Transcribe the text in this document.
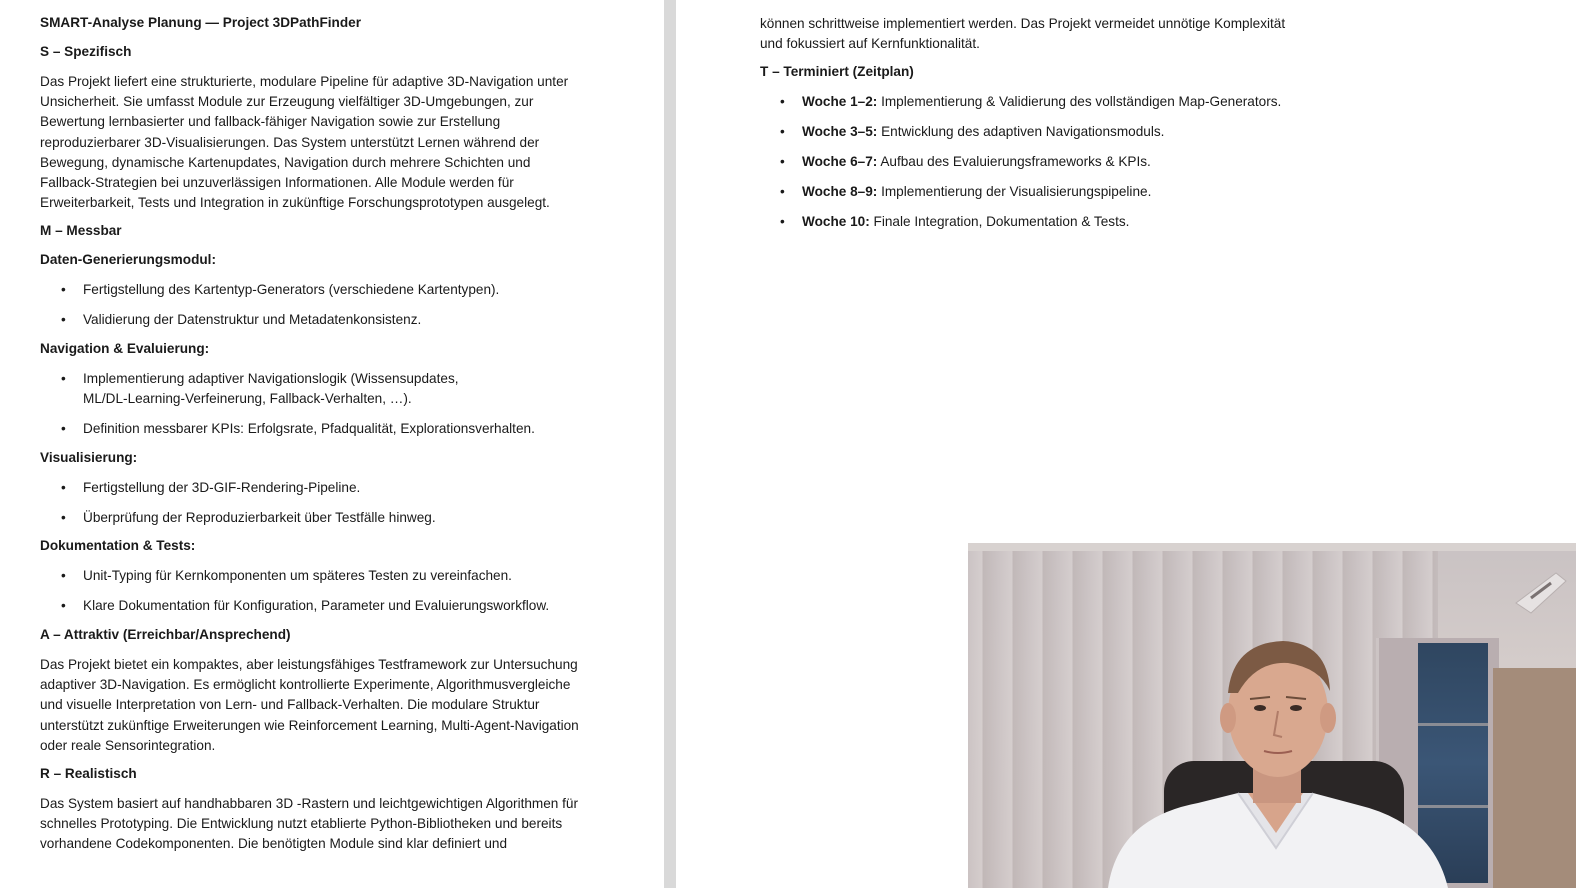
SMART-Analyse Planung — Project 3DPathFinder
S – Spezifisch

Das Projekt liefert eine strukturierte, modulare Pipeline für adaptive 3D-Navigation unter Unsicherheit. Sie umfasst Module zur Erzeugung vielfältiger 3D-Umgebungen, zur Bewertung lernbasierter und fallback-fähiger Navigation sowie zur Erstellung reproduzierbarer 3D-Visualisierungen. Das System unterstützt Lernen während der Bewegung, dynamische Kartenupdates, Navigation durch mehrere Schichten und Fallback-Strategien bei unzuverlässigen Informationen. Alle Module werden für Erweiterbarkeit, Tests und Integration in zukünftige Forschungsprototypen ausgelegt.

M – Messbar
Daten-Generierungsmodul:
• Fertigstellung des Kartentyp-Generators (verschiedene Kartentypen).
• Validierung der Datenstruktur und Metadatenkonsistenz.
Navigation & Evaluierung:
• Implementierung adaptiver Navigationslogik (Wissensupdates, ML/DL-Learning-Verfeinerung, Fallback-Verhalten, …).
• Definition messbarer KPIs: Erfolgsrate, Pfadqualität, Explorationsverhalten.
Visualisierung:
• Fertigstellung der 3D-GIF-Rendering-Pipeline.
• Überprüfung der Reproduzierbarkeit über Testfälle hinweg.
Dokumentation & Tests:
• Unit-Typing für Kernkomponenten um späteres Testen zu vereinfachen.
• Klare Dokumentation für Konfiguration, Parameter und Evaluierungsworkflow.
A – Attraktiv (Erreichbar/Ansprechend)

Das Projekt bietet ein kompaktes, aber leistungsfähiges Testframework zur Untersuchung adaptiver 3D-Navigation. Es ermöglicht kontrollierte Experimente, Algorithmusvergleiche und visuelle Interpretation von Lern- und Fallback-Verhalten. Die modulare Struktur unterstützt zukünftige Erweiterungen wie Reinforcement Learning, Multi-Agent-Navigation oder reale Sensorintegration.

R – Realistisch

Das System basiert auf handhabbaren 3D -Rastern und leichtgewichtigen Algorithmen für schnelles Prototyping. Die Entwicklung nutzt etablierte Python-Bibliotheken und bereits vorhandene Codekomponenten. Die benötigten Module sind klar definiert und

können schrittweise implementiert werden. Das Projekt vermeidet unnötige Komplexität und fokussiert auf Kernfunktionalität.

T – Terminiert (Zeitplan)
• Woche 1–2: Implementierung & Validierung des vollständigen Map-Generators.
• Woche 3–5: Entwicklung des adaptiven Navigationsmoduls.
• Woche 6–7: Aufbau des Evaluierungsframeworks & KPIs.
• Woche 8–9: Implementierung der Visualisierungspipeline.
• Woche 10: Finale Integration, Dokumentation & Tests.
